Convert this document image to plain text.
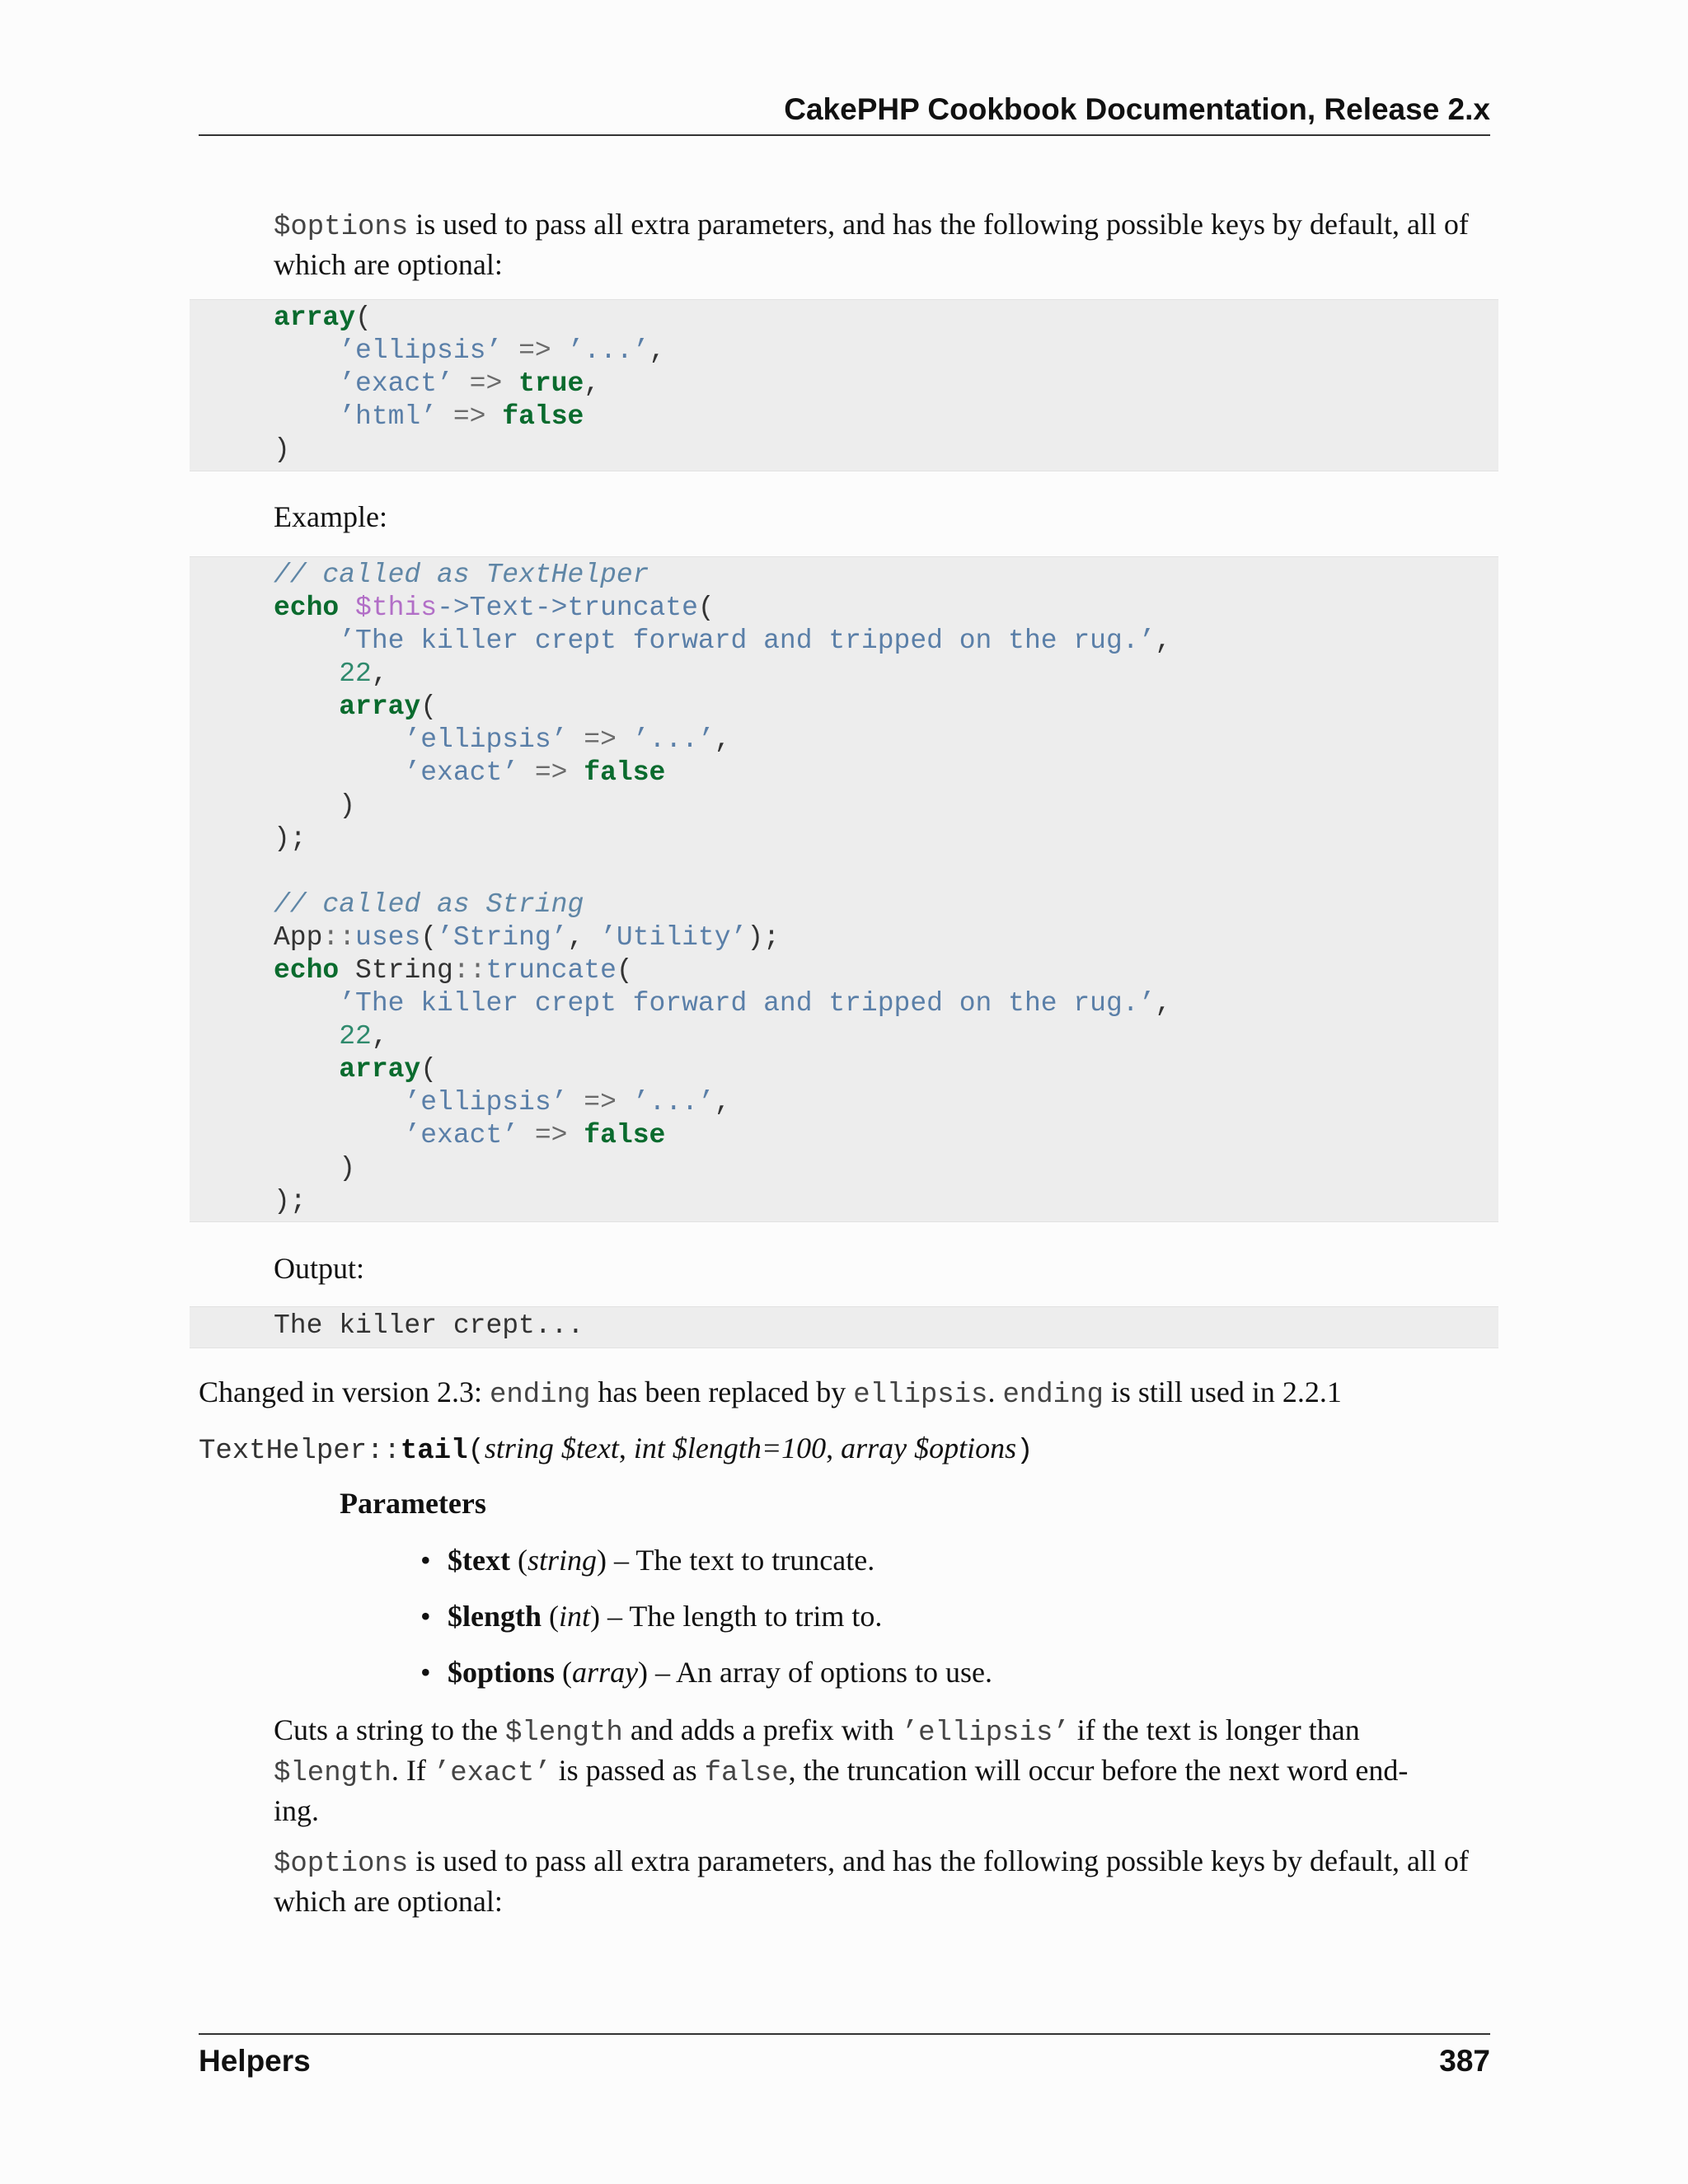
CakePHP Cookbook Documentation, Release 2.x
$options is used to pass all extra parameters, and has the following possible keys by default, all of
which are optional:
array(
’ellipsis’ => ’...’,
’exact’ => true,
’html’ => false
)
Example:
// called as TextHelper
echo $this->Text->truncate(
’The killer crept forward and tripped on the rug.’,
22,
array(
’ellipsis’ => ’...’,
’exact’ => false
)
);

// called as String
App::uses(’String’, ’Utility’);
echo String::truncate(
’The killer crept forward and tripped on the rug.’,
22,
array(
’ellipsis’ => ’...’,
’exact’ => false
)
);
Output:
The killer crept...
Changed in version 2.3: ending has been replaced by ellipsis. ending is still used in 2.2.1
TextHelper::tail(string $text, int $length=100, array $options)
Parameters
• $text (string) – The text to truncate.
• $length (int) – The length to trim to.
• $options (array) – An array of options to use.
Cuts a string to the $length and adds a prefix with ’ellipsis’ if the text is longer than
$length. If ’exact’ is passed as false, the truncation will occur before the next word end-
ing.
$options is used to pass all extra parameters, and has the following possible keys by default, all of
which are optional:
Helpers	387
